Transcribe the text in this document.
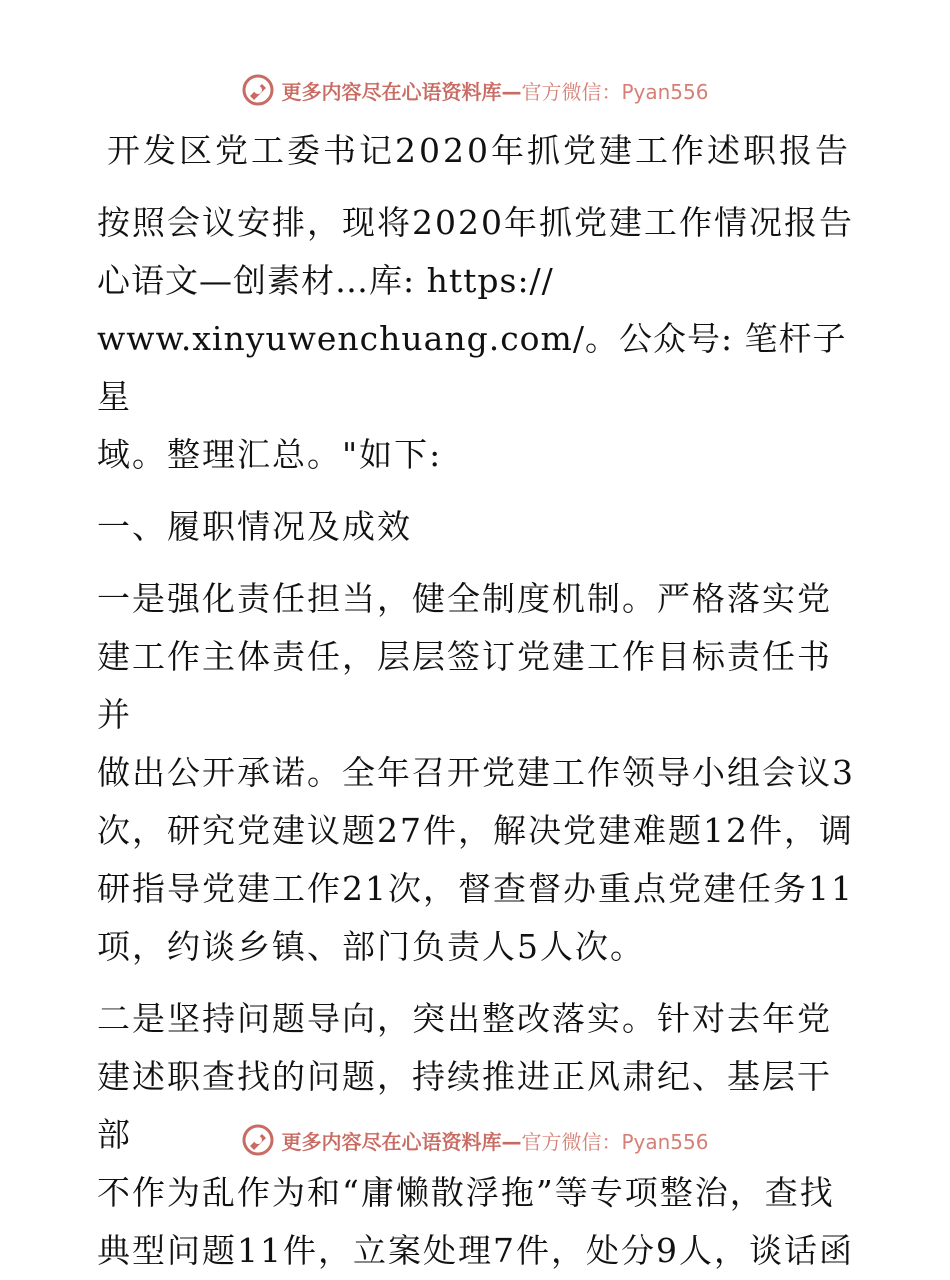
更多内容尽在心语资料库— 官方微信：Pyan556

开发区党工委书记2020年抓党建工作述职报告

按照会议安排，现将2020年抓党建工作情况报告

心语文—创素材…库: https://

www.xinyuwenchuang.com/。公众号: 笔杆子星

域。整理汇总。"如下:

一、履职情况及成效

一是强化责任担当，健全制度机制。严格落实党

建工作主体责任，层层签订党建工作目标责任书并

做出公开承诺。全年召开党建工作领导小组会议3

次，研究党建议题27件，解决党建难题12件，调

研指导党建工作21次，督查督办重点党建任务11

项，约谈乡镇、部门负责人5人次。

二是坚持问题导向，突出整改落实。针对去年党

建述职查找的问题，持续推进正风肃纪、基层干部

不作为乱作为和“庸懒散浮拖”等专项整治，查找

典型问题11件，立案处理7件，处分9人，谈话函

更多内容尽在心语资料库— 官方微信：Pyan556
